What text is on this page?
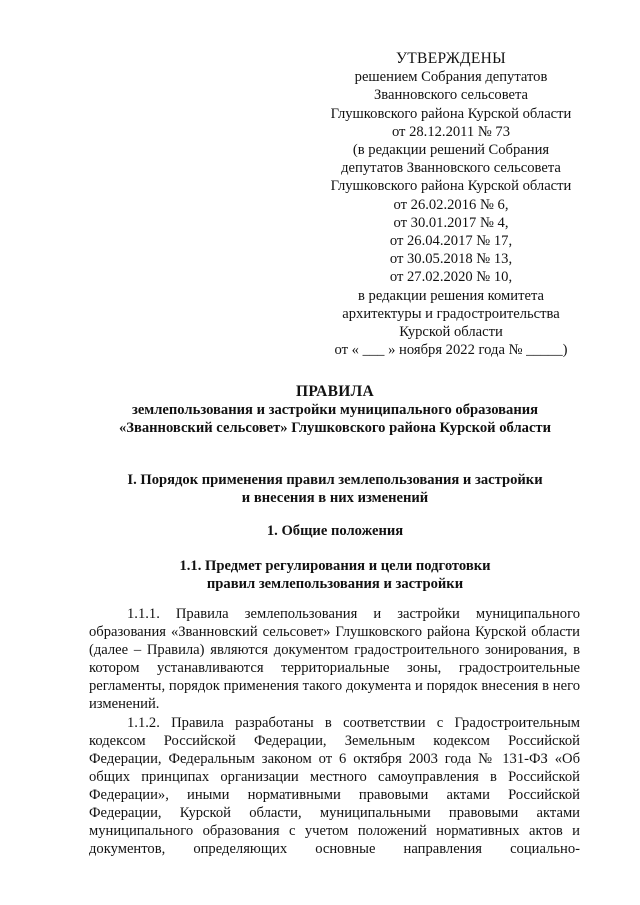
УТВЕРЖДЕНЫ
решением Собрания депутатов
Званновского сельсовета
Глушковского района Курской области
от 28.12.2011 № 73
(в редакции решений Собрания
депутатов Званновского сельсовета
Глушковского района Курской области
от 26.02.2016 № 6,
от 30.01.2017 № 4,
от 26.04.2017 № 17,
от 30.05.2018 № 13,
от 27.02.2020 № 10,
в редакции решения комитета
архитектуры и градостроительства
Курской области
от « ___ » ноября 2022 года № _____)
ПРАВИЛА
землепользования и застройки муниципального образования
«Званновский сельсовет» Глушковского района Курской области
I. Порядок применения правил землепользования и застройки
и внесения в них изменений
1. Общие положения
1.1. Предмет регулирования и цели подготовки
правил землепользования и застройки

1.1.1. Правила землепользования и застройки муниципального образования «Званновский сельсовет» Глушковского района Курской области (далее – Правила) являются документом градостроительного зонирования, в котором устанавливаются территориальные зоны, градостроительные регламенты, порядок применения такого документа и порядок внесения в него изменений.

1.1.2. Правила разработаны в соответствии с Градостроительным кодексом Российской Федерации, Земельным кодексом Российской Федерации, Федеральным законом от 6 октября 2003 года № 131-ФЗ «Об общих принципах организации местного самоуправления в Российской Федерации», иными нормативными правовыми актами Российской Федерации, Курской области, муниципальными правовыми актами муниципального образования с учетом положений нормативных актов и документов, определяющих основные направления социально-
